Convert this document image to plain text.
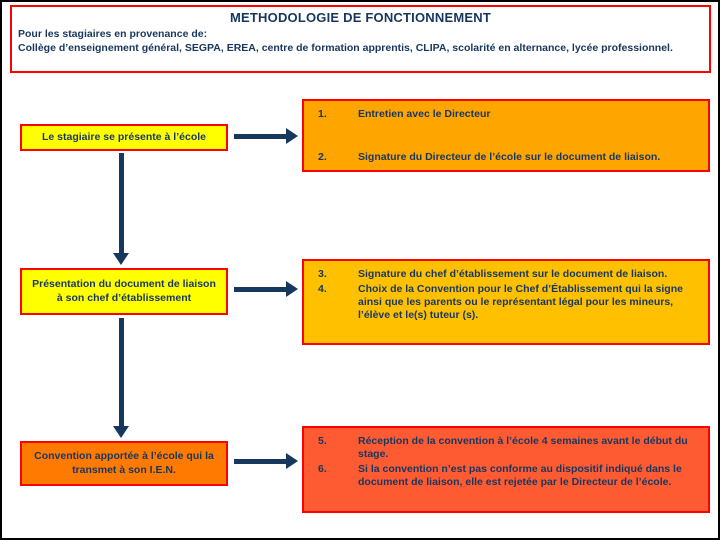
METHODOLOGIE DE FONCTIONNEMENT
Pour les stagiaires en provenance de:
Collège d’enseignement général, SEGPA, EREA, centre de formation apprentis, CLIPA, scolarité en alternance, lycée professionnel.
Le stagiaire se présente à l’école
Présentation du document de liaison à son chef d’établissement
Convention apportée à l’école qui la transmet à son I.E.N.
1.	Entretien avec le Directeur
2.	Signature du Directeur de l’école sur le document de liaison.
3.	Signature du chef d’établissement sur le document de liaison.
4.	Choix de la Convention pour le Chef d’Établissement qui la signe ainsi que les parents ou le représentant légal pour les mineurs, l’élève et le(s) tuteur (s).
5.	Réception de la convention à l’école 4 semaines avant le début du stage.
6.	Si la convention n’est pas conforme au dispositif indiqué dans le document de liaison, elle est rejetée par le Directeur de l’école.
